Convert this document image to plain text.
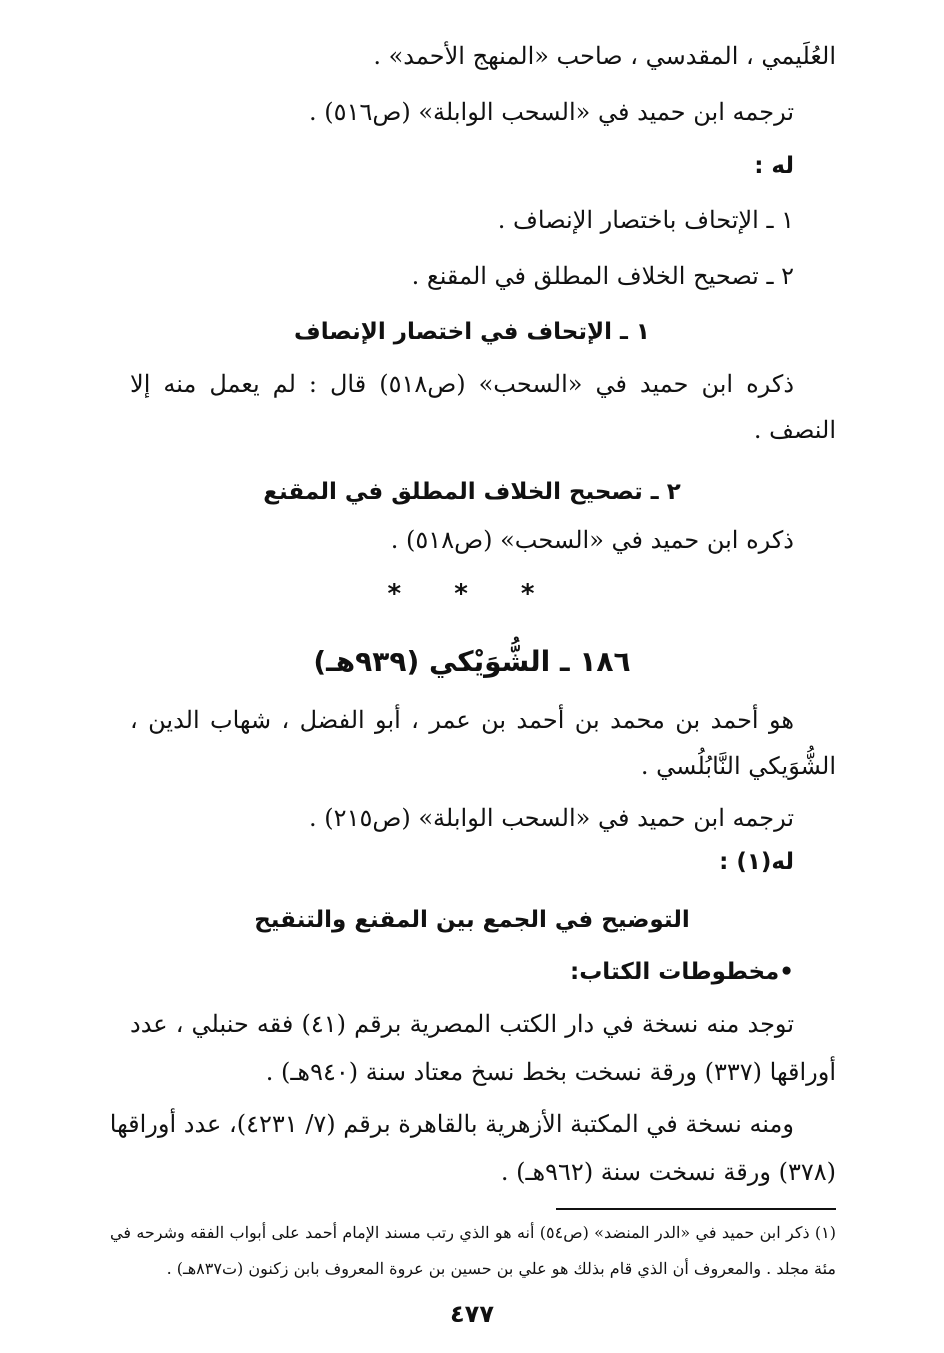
العُلَيمي ، المقدسي ، صاحب «المنهج الأحمد» .
ترجمه ابن حميد في «السحب الوابلة» (ص٥١٦) .
له :
١ ـ الإتحاف باختصار الإنصاف .
٢ ـ تصحيح الخلاف المطلق في المقنع .
١ ـ الإتحاف في اختصار الإنصاف
ذكره ابن حميد في «السحب» (ص٥١٨) قال : لم يعمل منه إلا
النصف .
٢ ـ تصحيح الخلاف المطلق في المقنع
ذكره ابن حميد في «السحب» (ص٥١٨) .
* * *
١٨٦ ـ الشُّوَيْكي (٩٣٩هـ)
هو أحمد بن محمد بن أحمد بن عمر ، أبو الفضل ، شهاب الدين ،
الشُّوَيكي النَّابُلُسي .
ترجمه ابن حميد في «السحب الوابلة» (ص٢١٥) .
له(١) :
التوضيح في الجمع بين المقنع والتنقيح
•مخطوطات الكتاب:
توجد منه نسخة في دار الكتب المصرية برقم (٤١) فقه حنبلي ، عدد
أوراقها (٣٣٧) ورقة نسخت بخط نسخ معتاد سنة (٩٤٠هـ) .
ومنه نسخة في المكتبة الأزهرية بالقاهرة برقم (٧/ ٤٢٣١)، عدد أوراقها
(٣٧٨) ورقة نسخت سنة (٩٦٢هـ) .
(١) ذكر ابن حميد في «الدر المنضد» (ص٥٤) أنه هو الذي رتب مسند الإمام أحمد على أبواب الفقه وشرحه في
مئة مجلد . والمعروف أن الذي قام بذلك هو علي بن حسين بن عروة المعروف بابن زكنون (ت٨٣٧هـ) .
٤٧٧
